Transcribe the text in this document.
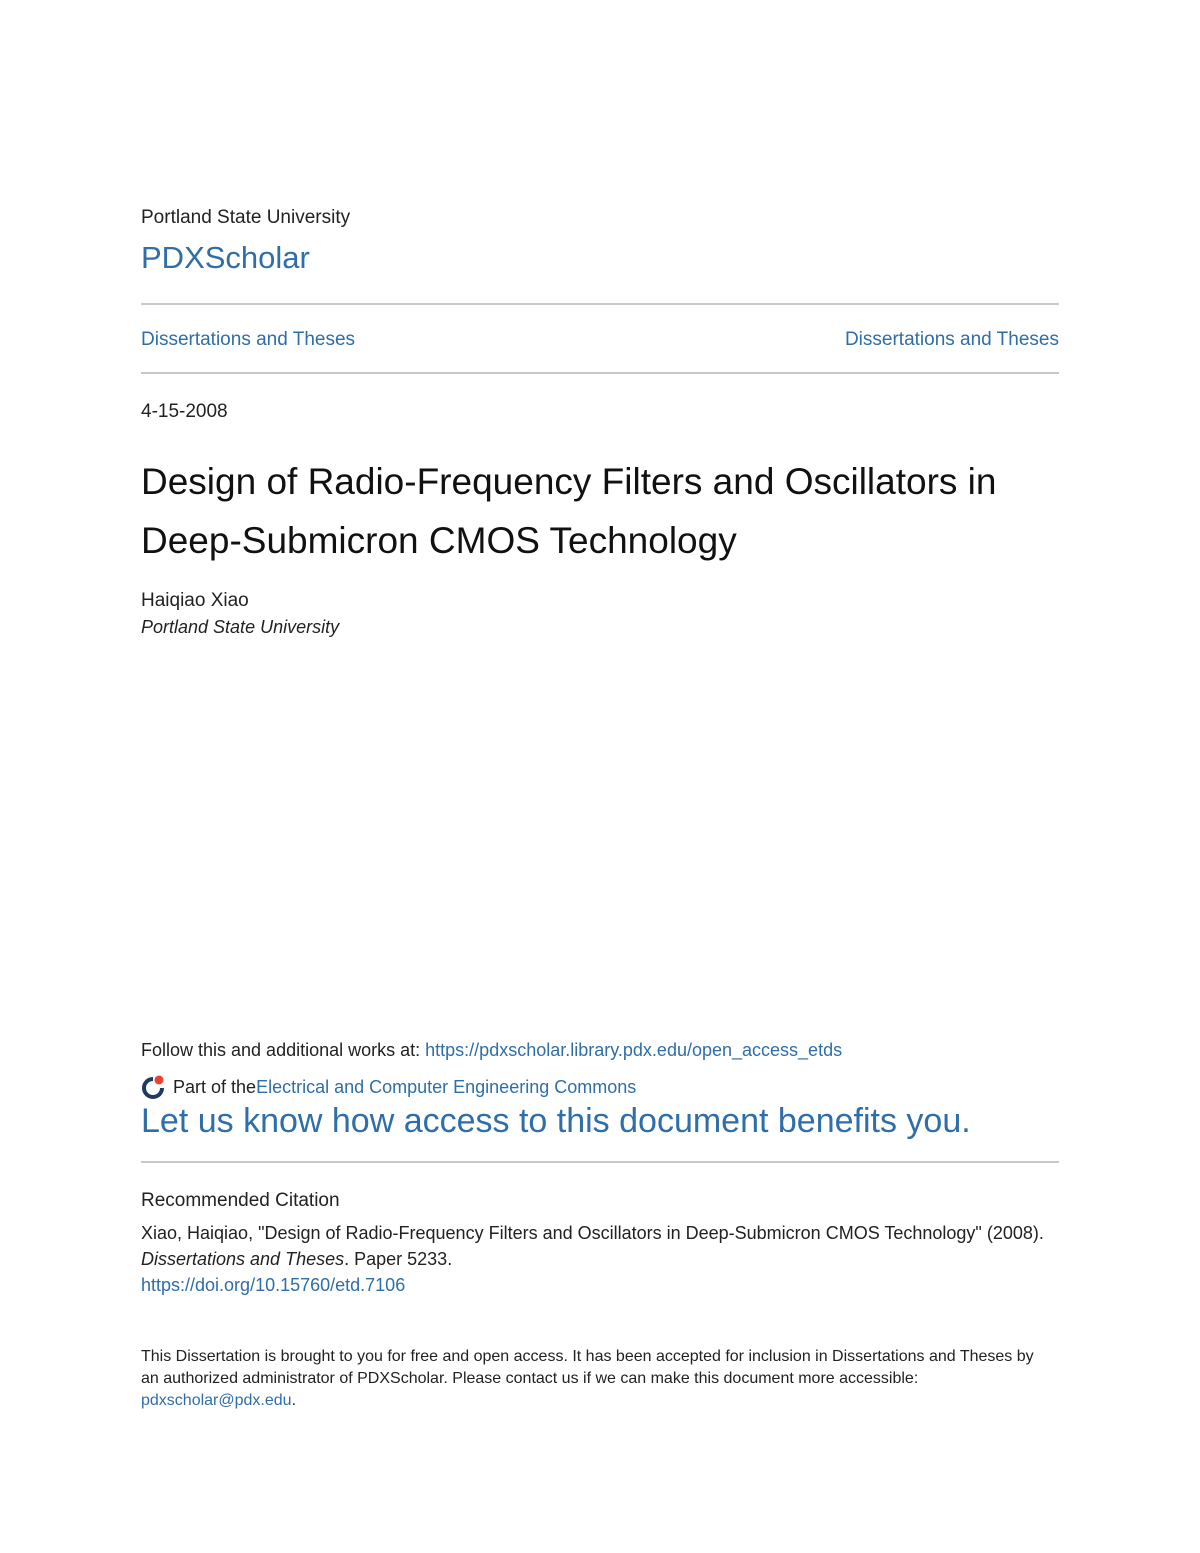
Portland State University
PDXScholar
Dissertations and Theses	Dissertations and Theses
4-15-2008
Design of Radio-Frequency Filters and Oscillators in Deep-Submicron CMOS Technology
Haiqiao Xiao
Portland State University
Follow this and additional works at: https://pdxscholar.library.pdx.edu/open_access_etds
Part of the Electrical and Computer Engineering Commons
Let us know how access to this document benefits you.
Recommended Citation
Xiao, Haiqiao, "Design of Radio-Frequency Filters and Oscillators in Deep-Submicron CMOS Technology" (2008). Dissertations and Theses. Paper 5233.
https://doi.org/10.15760/etd.7106
This Dissertation is brought to you for free and open access. It has been accepted for inclusion in Dissertations and Theses by an authorized administrator of PDXScholar. Please contact us if we can make this document more accessible: pdxscholar@pdx.edu.
